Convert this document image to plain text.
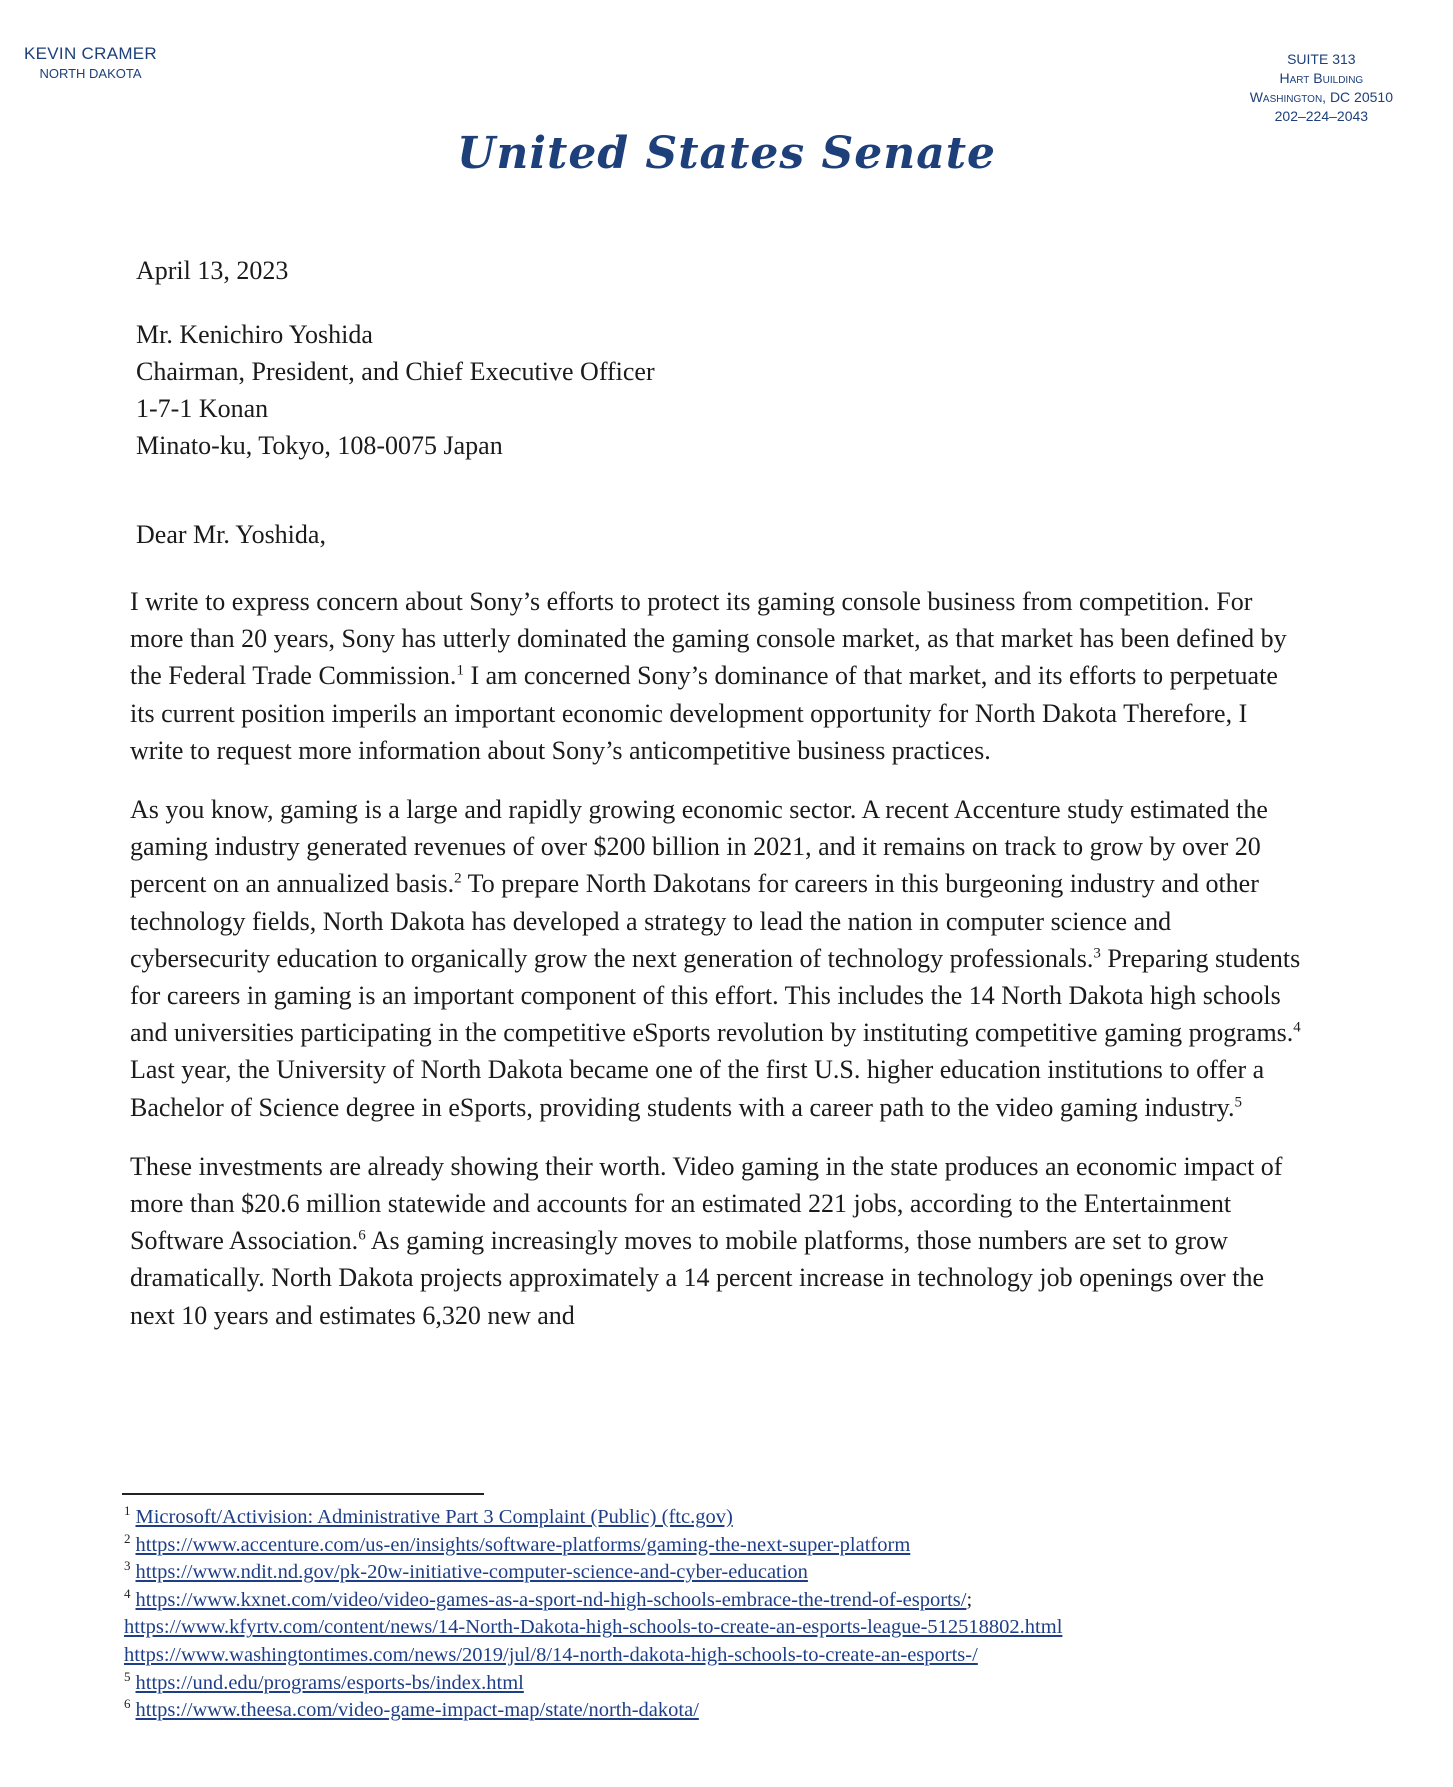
KEVIN CRAMER
NORTH DAKOTA
SUITE 313
Hart Building
Washington, DC 20510
202–224–2043
United States Senate
April 13, 2023
Mr. Kenichiro Yoshida
Chairman, President, and Chief Executive Officer
1-7-1 Konan
Minato-ku, Tokyo, 108-0075 Japan
Dear Mr. Yoshida,

I write to express concern about Sony’s efforts to protect its gaming console business from competition. For more than 20 years, Sony has utterly dominated the gaming console market, as that market has been defined by the Federal Trade Commission.$^1$ I am concerned Sony’s dominance of that market, and its efforts to perpetuate its current position imperils an important economic development opportunity for North Dakota Therefore, I write to request more information about Sony’s anticompetitive business practices.

As you know, gaming is a large and rapidly growing economic sector. A recent Accenture study estimated the gaming industry generated revenues of over $200 billion in 2021, and it remains on track to grow by over 20 percent on an annualized basis.$^2$ To prepare North Dakotans for careers in this burgeoning industry and other technology fields, North Dakota has developed a strategy to lead the nation in computer science and cybersecurity education to organically grow the next generation of technology professionals.$^3$ Preparing students for careers in gaming is an important component of this effort. This includes the 14 North Dakota high schools and universities participating in the competitive eSports revolution by instituting competitive gaming programs.$^4$ Last year, the University of North Dakota became one of the first U.S. higher education institutions to offer a Bachelor of Science degree in eSports, providing students with a career path to the video gaming industry.$^5$

These investments are already showing their worth. Video gaming in the state produces an economic impact of more than $20.6 million statewide and accounts for an estimated 221 jobs, according to the Entertainment Software Association.$^6$ As gaming increasingly moves to mobile platforms, those numbers are set to grow dramatically. North Dakota projects approximately a 14 percent increase in technology job openings over the next 10 years and estimates 6,320 new and

$^1$ Microsoft/Activision: Administrative Part 3 Complaint (Public) (ftc.gov)
$^2$ https://www.accenture.com/us-en/insights/software-platforms/gaming-the-next-super-platform
$^3$ https://www.ndit.nd.gov/pk-20w-initiative-computer-science-and-cyber-education
$^4$ https://www.kxnet.com/video/video-games-as-a-sport-nd-high-schools-embrace-the-trend-of-esports/;
https://www.kfyrtv.com/content/news/14-North-Dakota-high-schools-to-create-an-esports-league-512518802.html
https://www.washingtontimes.com/news/2019/jul/8/14-north-dakota-high-schools-to-create-an-esports-/
$^5$ https://und.edu/programs/esports-bs/index.html
$^6$ https://www.theesa.com/video-game-impact-map/state/north-dakota/
